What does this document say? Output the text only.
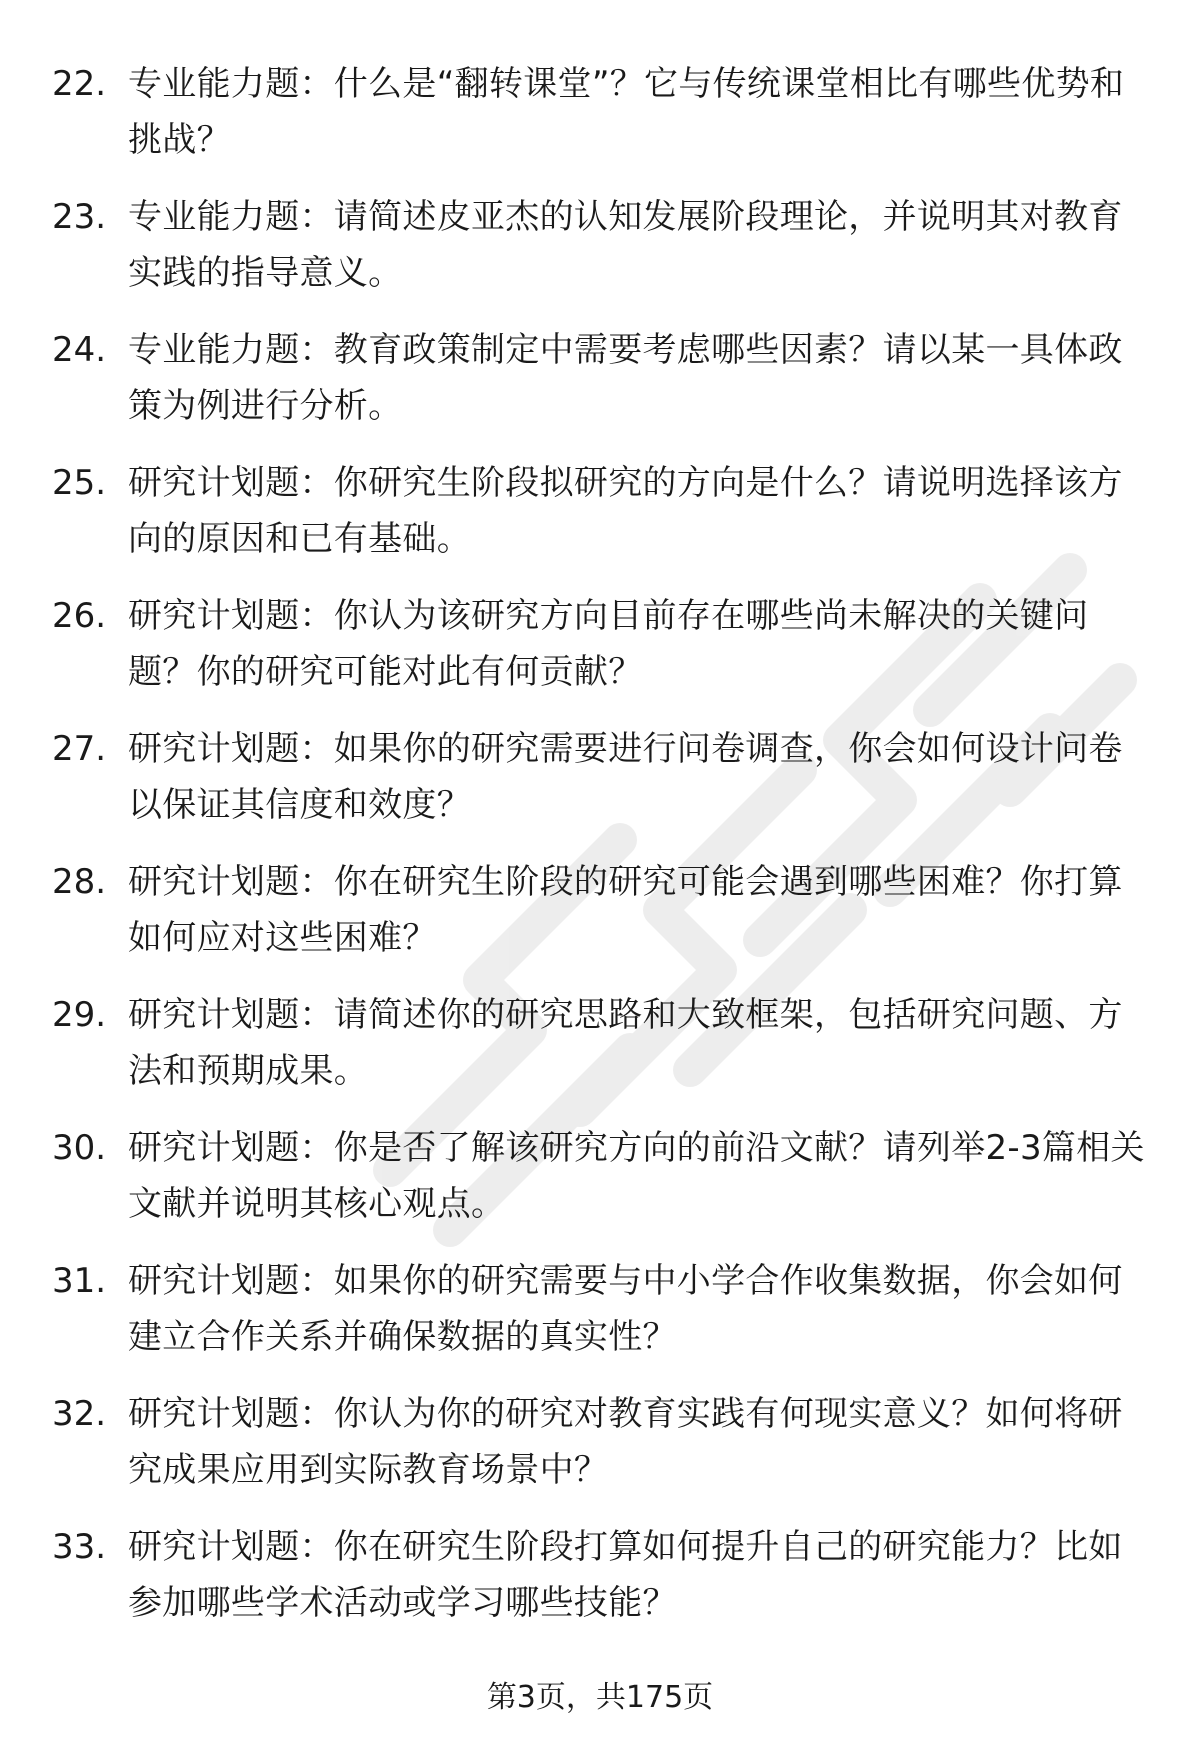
22. 专业能力题：什么是“翻转课堂”？它与传统课堂相比有哪些优势和挑战？
23. 专业能力题：请简述皮亚杰的认知发展阶段理论，并说明其对教育实践的指导意义。
24. 专业能力题：教育政策制定中需要考虑哪些因素？请以某一具体政策为例进行分析。
25. 研究计划题：你研究生阶段拟研究的方向是什么？请说明选择该方向的原因和已有基础。
26. 研究计划题：你认为该研究方向目前存在哪些尚未解决的关键问题？你的研究可能对此有何贡献？
27. 研究计划题：如果你的研究需要进行问卷调查，你会如何设计问卷以保证其信度和效度？
28. 研究计划题：你在研究生阶段的研究可能会遇到哪些困难？你打算如何应对这些困难？
29. 研究计划题：请简述你的研究思路和大致框架，包括研究问题、方法和预期成果。
30. 研究计划题：你是否了解该研究方向的前沿文献？请列举2-3篇相关文献并说明其核心观点。
31. 研究计划题：如果你的研究需要与中小学合作收集数据，你会如何建立合作关系并确保数据的真实性？
32. 研究计划题：你认为你的研究对教育实践有何现实意义？如何将研究成果应用到实际教育场景中？
33. 研究计划题：你在研究生阶段打算如何提升自己的研究能力？比如参加哪些学术活动或学习哪些技能？
第3页，共175页
